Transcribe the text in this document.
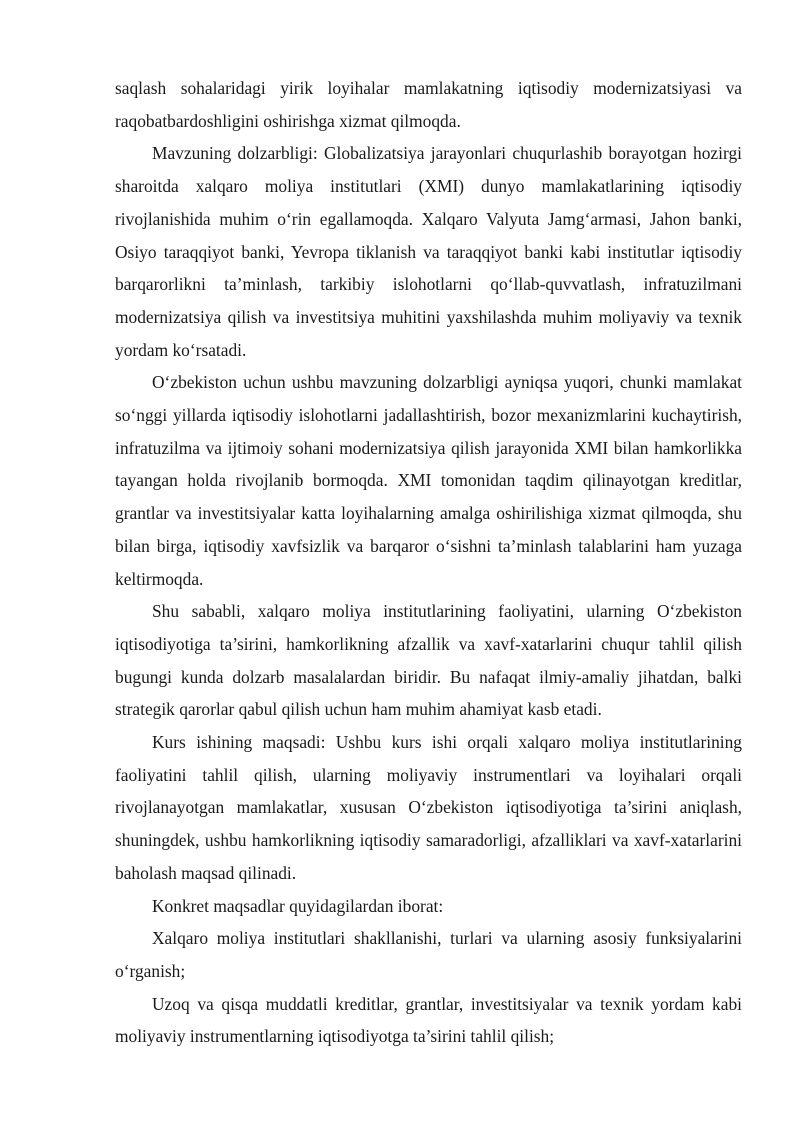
saqlash sohalaridagi yirik loyihalar mamlakatning iqtisodiy modernizatsiyasi va raqobatbardoshligini oshirishga xizmat qilmoqda.

Mavzuning dolzarbligi: Globalizatsiya jarayonlari chuqurlashib borayotgan hozirgi sharoitda xalqaro moliya institutlari (XMI) dunyo mamlakatlarining iqtisodiy rivojlanishida muhim o‘rin egallamoqda. Xalqaro Valyuta Jamg‘armasi, Jahon banki, Osiyo taraqqiyot banki, Yevropa tiklanish va taraqqiyot banki kabi institutlar iqtisodiy barqarorlikni ta’minlash, tarkibiy islohotlarni qo‘llab-quvvatlash, infratuzilmani modernizatsiya qilish va investitsiya muhitini yaxshilashda muhim moliyaviy va texnik yordam ko‘rsatadi.

O‘zbekiston uchun ushbu mavzuning dolzarbligi ayniqsa yuqori, chunki mamlakat so‘nggi yillarda iqtisodiy islohotlarni jadallashtirish, bozor mexanizmlarini kuchaytirish, infratuzilma va ijtimoiy sohani modernizatsiya qilish jarayonida XMI bilan hamkorlikka tayangan holda rivojlanib bormoqda. XMI tomonidan taqdim qilinayotgan kreditlar, grantlar va investitsiyalar katta loyihalarning amalga oshirilishiga xizmat qilmoqda, shu bilan birga, iqtisodiy xavfsizlik va barqaror o‘sishni ta’minlash talablarini ham yuzaga keltirmoqda.

Shu sababli, xalqaro moliya institutlarining faoliyatini, ularning O‘zbekiston iqtisodiyotiga ta’sirini, hamkorlikning afzallik va xavf-xatarlarini chuqur tahlil qilish bugungi kunda dolzarb masalalardan biridir. Bu nafaqat ilmiy-amaliy jihatdan, balki strategik qarorlar qabul qilish uchun ham muhim ahamiyat kasb etadi.

Kurs ishining maqsadi: Ushbu kurs ishi orqali xalqaro moliya institutlarining faoliyatini tahlil qilish, ularning moliyaviy instrumentlari va loyihalari orqali rivojlanayotgan mamlakatlar, xususan O‘zbekiston iqtisodiyotiga ta’sirini aniqlash, shuningdek, ushbu hamkorlikning iqtisodiy samaradorligi, afzalliklari va xavf-xatarlarini baholash maqsad qilinadi.

Konkret maqsadlar quyidagilardan iborat:

Xalqaro moliya institutlari shakllanishi, turlari va ularning asosiy funksiyalarini o‘rganish;

Uzoq va qisqa muddatli kreditlar, grantlar, investitsiyalar va texnik yordam kabi moliyaviy instrumentlarning iqtisodiyotga ta’sirini tahlil qilish;
